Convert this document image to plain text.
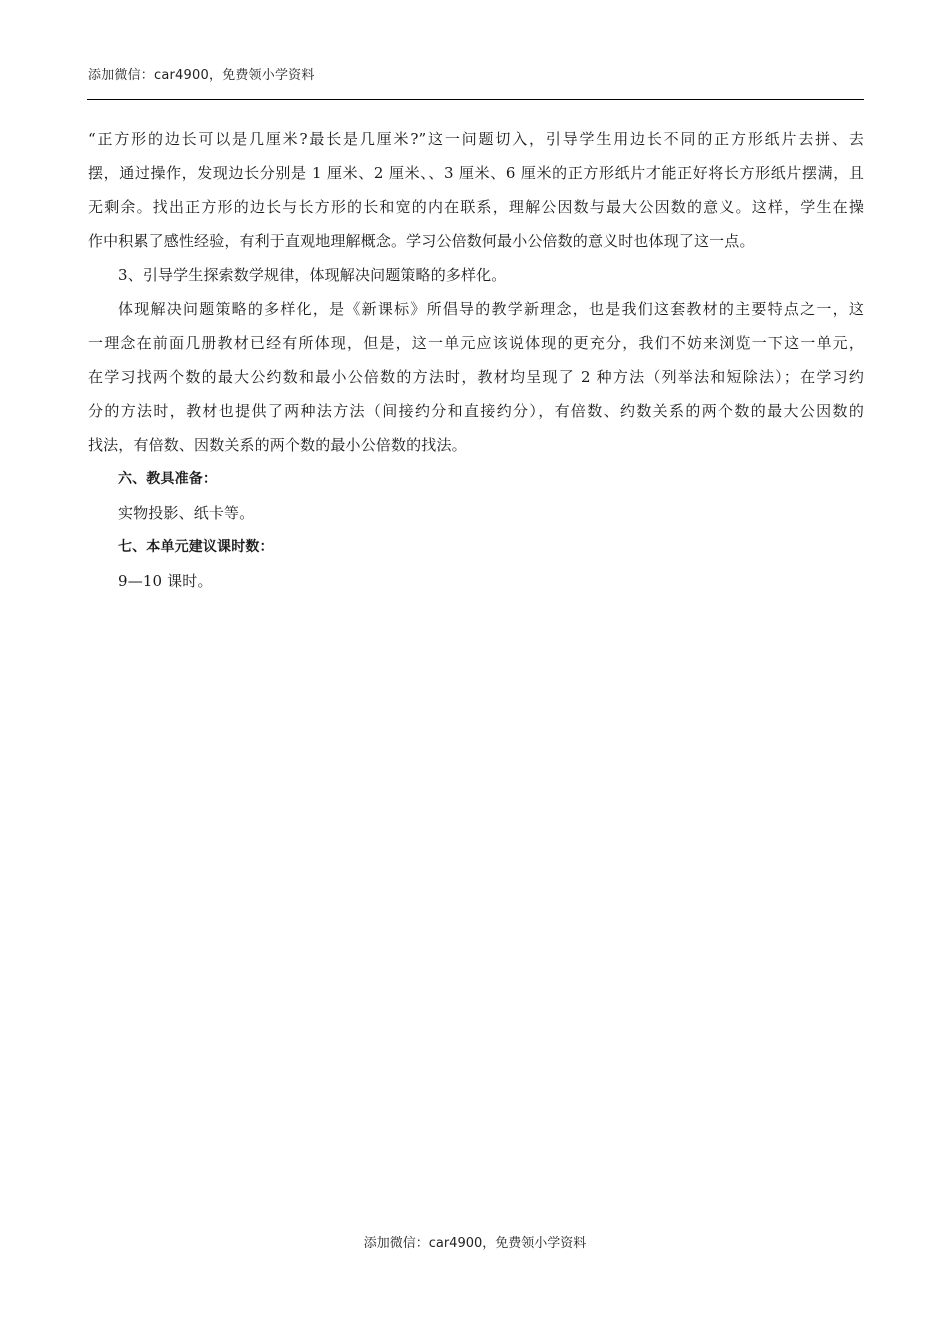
添加微信：car4900，免费领小学资料
“正方形的边长可以是几厘米?最长是几厘米?”这一问题切入，引导学生用边长不同的正方形纸片去拼、去
摆，通过操作，发现边长分别是 1 厘米、2 厘米、、3 厘米、6 厘米的正方形纸片才能正好将长方形纸片摆满，且
无剩余。找出正方形的边长与长方形的长和宽的内在联系，理解公因数与最大公因数的意义。这样，学生在操
作中积累了感性经验，有利于直观地理解概念。学习公倍数何最小公倍数的意义时也体现了这一点。
3、引导学生探索数学规律，体现解决问题策略的多样化。
体现解决问题策略的多样化，是《新课标》所倡导的教学新理念，也是我们这套教材的主要特点之一，这
一理念在前面几册教材已经有所体现，但是，这一单元应该说体现的更充分，我们不妨来浏览一下这一单元，
在学习找两个数的最大公约数和最小公倍数的方法时，教材均呈现了 2 种方法（列举法和短除法）；在学习约
分的方法时，教材也提供了两种法方法（间接约分和直接约分），有倍数、约数关系的两个数的最大公因数的
找法，有倍数、因数关系的两个数的最小公倍数的找法。
六、教具准备：
实物投影、纸卡等。
七、本单元建议课时数：
9—10 课时。
添加微信：car4900，免费领小学资料
